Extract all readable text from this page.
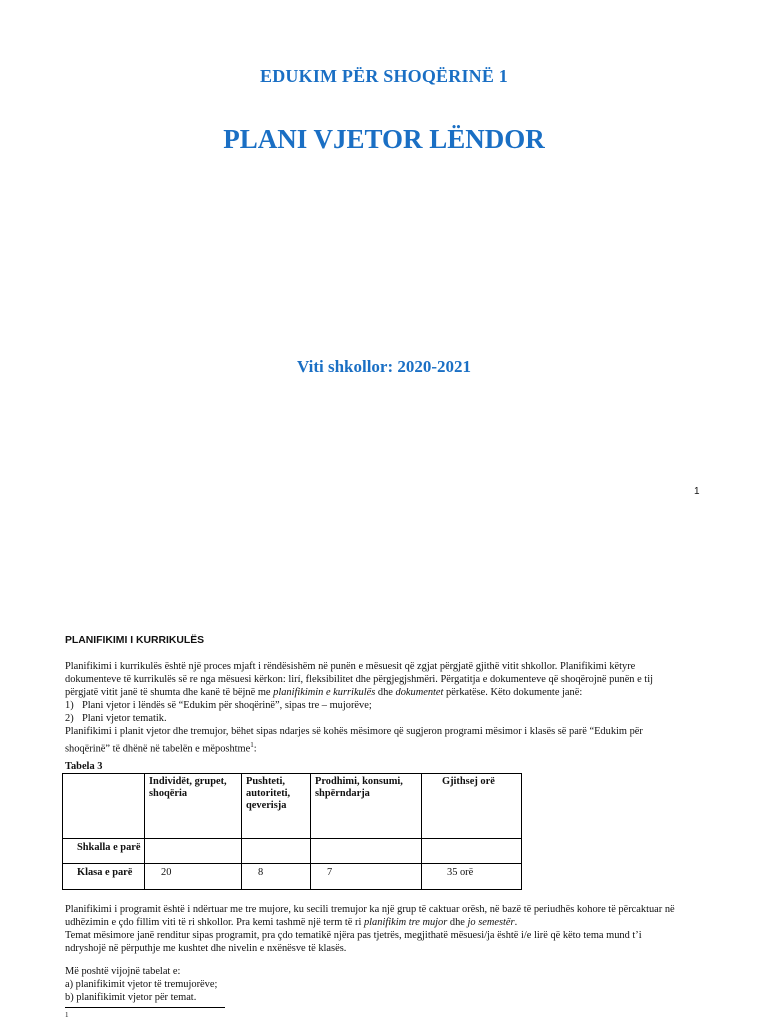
EDUKIM PËR SHOQËRINË 1
PLANI VJETOR LËNDOR
Viti shkollor: 2020-2021
1
PLANIFIKIMI I KURRIKULËS

Planifikimi i kurrikulës është një proces mjaft i rëndësishëm në punën e mësuesit që zgjat përgjatë gjithë vitit shkollor. Planifikimi këtyre dokumenteve të kurrikulës së re nga mësuesi kërkon: lirí, fleksibilitet dhe përgjegjshmëri. Përgatitja e dokumenteve që shoqërojnë punën e tij përgjatë vitit janë të shumta dhe kanë të bëjnë me planifikimin e kurrikulës dhe dokumentet përkatëse. Këto dokumente janë:

1) Plani vjetor i lëndës së “Edukim për shoqërinë”, sipas tre – mujorëve;
2) Plani vjetor tematik.

Planifikimi i planit vjetor dhe tremujor, bëhet sipas ndarjes së kohës mësimore që sugjeron programi mësimor i klasës së parë “Edukim për shoqërinë” të dhënë në tabelën e mëposhtme$^1$:

Tabela 3
	Individët, grupet, shoqëria	Pushteti, autoriteti, qeverisja	Prodhimi, konsumi, shpërndarja	Gjithsej orë
Shkalla e parë				
Klasa e parë	20	8	7	35 orë

Planifikimi i programit është i ndërtuar me tre mujore, ku secili tremujor ka një grup të caktuar orësh, në bazë të periudhës kohore të përcaktuar në udhëzimin e çdo fillim viti të ri shkollor. Pra kemi tashmë një term të ri planifikim tre mujor dhe jo semestër.

Temat mësimore janë renditur sipas programit, pra çdo tematikë njëra pas tjetrës, megjithatë mësuesi/ja është i/e lirë që këto tema mund t’i ndryshojë në përputhje me kushtet dhe nivelin e nxënësve të klasës.

Më poshtë vijojnë tabelat e:

a) planifikimit vjetor të tremujorëve;

b) planifikimit vjetor për temat.

1
